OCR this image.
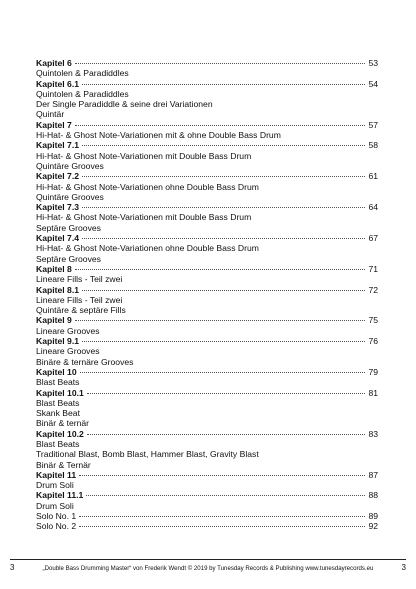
Kapitel 6	53
Quintolen & Paradiddles
Kapitel 6.1	54
Quintolen & Paradiddles
Der Single Paradiddle & seine drei Variationen
Quintär
Kapitel 7	57
Hi-Hat- & Ghost Note-Variationen mit & ohne Double Bass Drum
Kapitel 7.1	58
Hi-Hat- & Ghost Note-Variationen mit Double Bass Drum
Quintäre Grooves
Kapitel 7.2	61
Hi-Hat- & Ghost Note-Variationen ohne Double Bass Drum
Quintäre Grooves
Kapitel 7.3	64
Hi-Hat- & Ghost Note-Variationen mit Double Bass Drum
Septäre Grooves
Kapitel 7.4	67
Hi-Hat- & Ghost Note-Variationen ohne Double Bass Drum
Septäre Grooves
Kapitel 8	71
Lineare Fills - Teil zwei
Kapitel 8.1	72
Lineare Fills - Teil zwei
Quintäre & septäre Fills
Kapitel 9	75
Lineare Grooves
Kapitel 9.1	76
Lineare Grooves
Binäre & ternäre Grooves
Kapitel 10	79
Blast Beats
Kapitel 10.1	81
Blast Beats
Skank Beat
Binär & ternär
Kapitel 10.2	83
Blast Beats
Traditional Blast, Bomb Blast, Hammer Blast, Gravity Blast
Binär & Ternär
Kapitel 11	87
Drum Soli
Kapitel 11.1	88
Drum Soli
Solo No. 1	89
Solo No. 2	92
3	„Double Bass Drumming Master“ von Frederik Wendt © 2019 by Tunesday Records & Publishing www.tunesdayrecords.eu	3
